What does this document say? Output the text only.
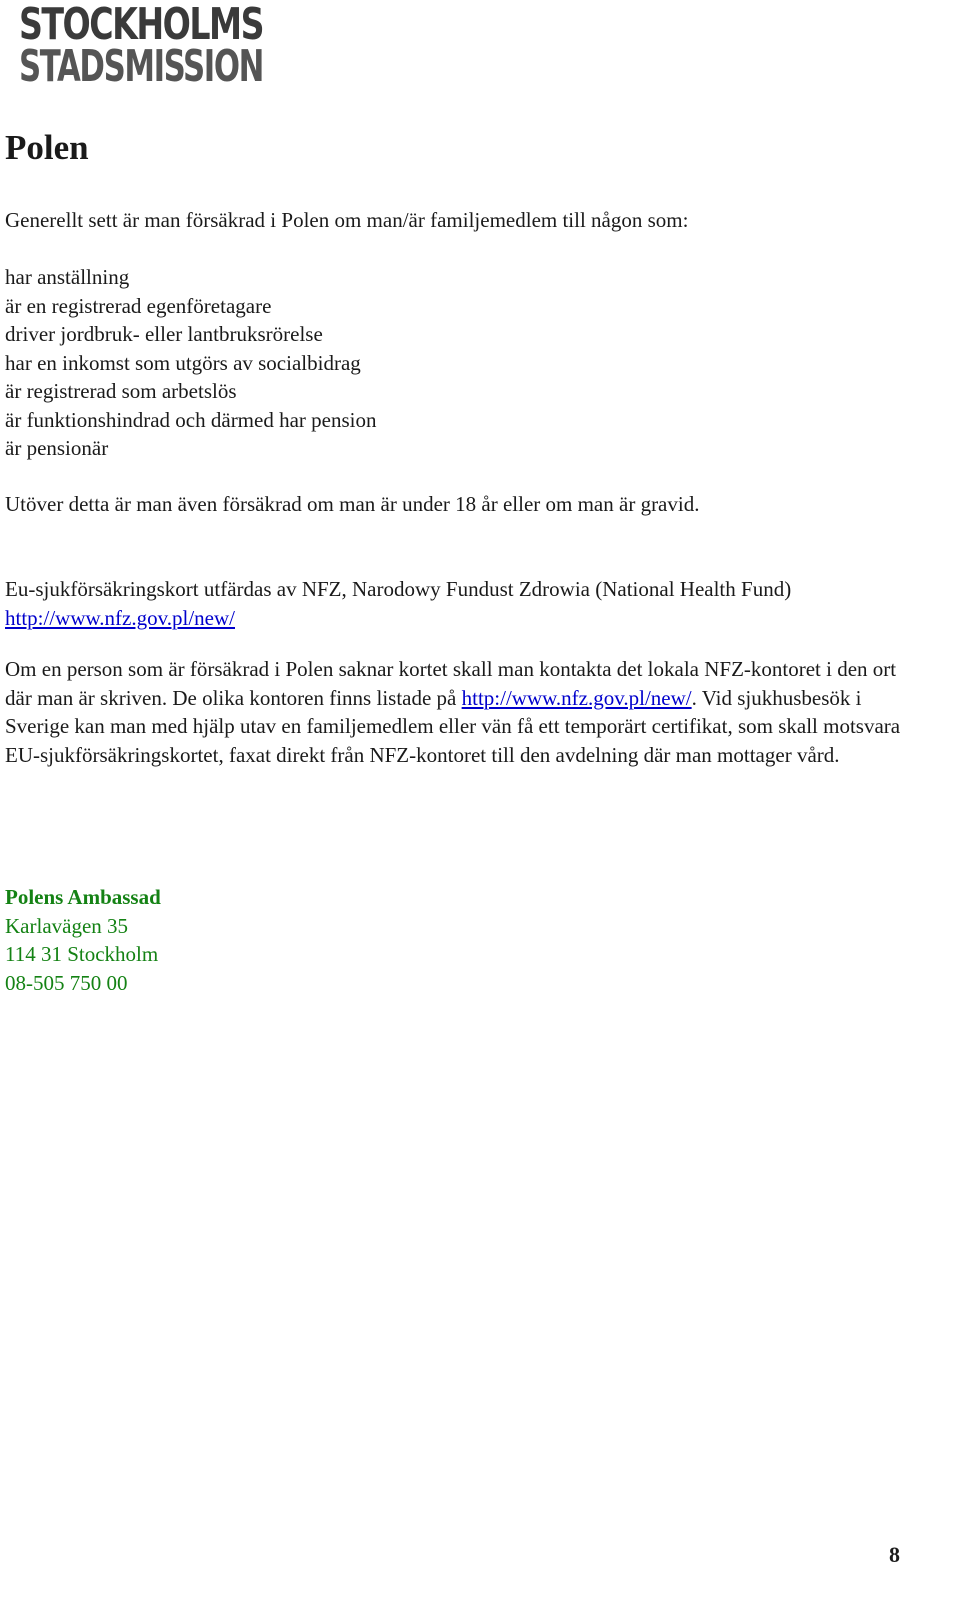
STOCKHOLMS
STADSMISSION
Polen

Generellt sett är man försäkrad i Polen om man/är familjemedlem till någon som:

har anställning
är en registrerad egenföretagare
driver jordbruk- eller lantbruksrörelse
har en inkomst som utgörs av socialbidrag
är registrerad som arbetslös
är funktionshindrad och därmed har pension
är pensionär

Utöver detta är man även försäkrad om man är under 18 år eller om man är gravid.

Eu-sjukförsäkringskort utfärdas av NFZ, Narodowy Fundust Zdrowia (National Health Fund)
http://www.nfz.gov.pl/new/

Om en person som är försäkrad i Polen saknar kortet skall man kontakta det lokala NFZ-kontoret i den ort där man är skriven. De olika kontoren finns listade på http://www.nfz.gov.pl/new/. Vid sjukhusbesök i Sverige kan man med hjälp utav en familjemedlem eller vän få ett temporärt certifikat, som skall motsvara EU-sjukförsäkringskortet, faxat direkt från NFZ-kontoret till den avdelning där man mottager vård.

Polens Ambassad
Karlavägen 35
114 31 Stockholm
08-505 750 00

8
